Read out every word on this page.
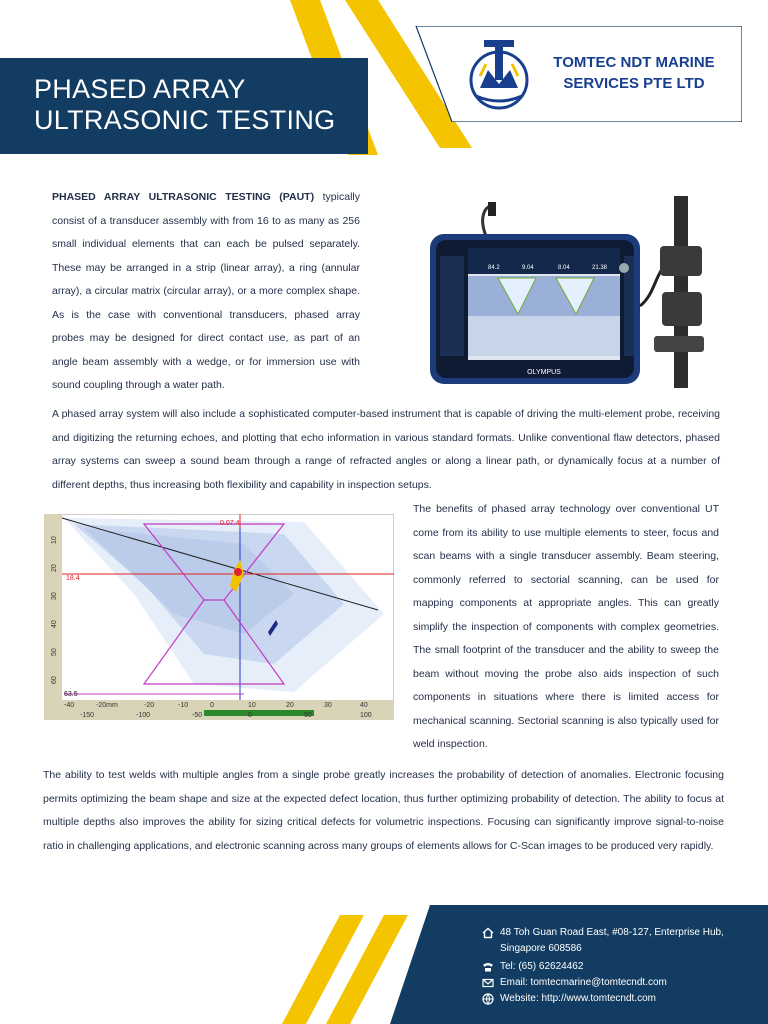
PHASED ARRAY
ULTRASONIC TESTING
TOMTEC NDT MARINE
SERVICES PTE LTD
PHASED ARRAY ULTRASONIC TESTING (PAUT) typically consist of a transducer assembly with from 16 to as many as 256 small individual elements that can each be pulsed separately. These may be arranged in a strip (linear array), a ring (annular array), a circular matrix (circular array), or a more complex shape. As is the case with conventional transducers, phased array probes may be designed for direct contact use, as part of an angle beam assembly with a wedge, or for immersion use with sound coupling through a water path.
OLYMPUS
84.2	9.04	8.04	21.38
A phased array system will also include a sophisticated computer-based instrument that is capable of driving the multi-element probe, receiving and digitizing the returning echoes, and plotting that echo information in various standard formats. Unlike conventional flaw detectors, phased array systems can sweep a sound beam through a range of refracted angles or along a linear path, or dynamically focus at a number of different depths, thus increasing both flexibility and capability in inspection setups.
0.07.4
18.4
63.5
10
20
30
40
50
60
-40	-20mm	-20	-10	0	10	20	30	40
-150	-100	-50	0	50	100
The benefits of phased array technology over conventional UT come from its ability to use multiple elements to steer, focus and scan beams with a single transducer assembly. Beam steering, commonly referred to sectorial scanning, can be used for mapping components at appropriate angles. This can greatly simplify the inspection of components with complex geometries. The small footprint of the transducer and the ability to sweep the beam without moving the probe also aids inspection of such components in situations where there is limited access for mechanical scanning. Sectorial scanning is also typically used for weld inspection.
The ability to test welds with multiple angles from a single probe greatly increases the probability of detection of anomalies. Electronic focusing permits optimizing the beam shape and size at the expected defect location, thus further optimizing probability of detection. The ability to focus at multiple depths also improves the ability for sizing critical defects for volumetric inspections. Focusing can significantly improve signal-to-noise ratio in challenging applications, and electronic scanning across many groups of elements allows for C-Scan images to be produced very rapidly.
48 Toh Guan Road East, #08-127, Enterprise Hub,
Singapore 608586
Tel: (65) 62624462
Email: tomtecmarine@tomtecndt.com
Website: http://www.tomtecndt.com
